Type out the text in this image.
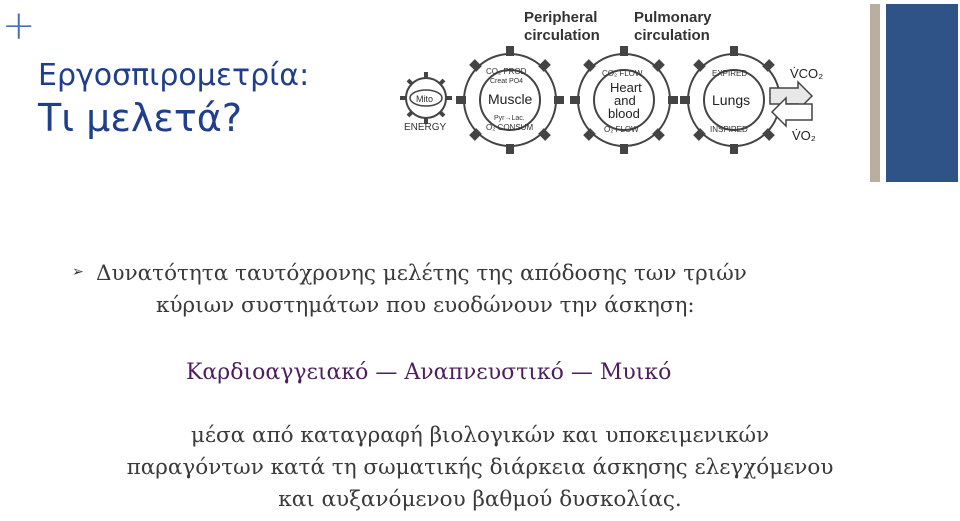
+
Εργοσπιρομετρία:
Τι μελετά?
Peripheral
circulation
Pulmonary
circulation
Mito
ENERGY
Muscle
CO₂ PROD
Creat PO4
Pyr→Lac.
O₂ CONSUM
Heart
and
blood
CO₂ FLOW
O₂ FLOW
Lungs
EXPIRED
INSPIRED
V̇CO₂
V̇O₂
➢ Δυνατότητα ταυτόχρονης μελέτης της απόδοσης των τριών
κύριων συστημάτων που ευοδώνουν την άσκηση:
Καρδιοαγγειακό — Αναπνευστικό — Μυικό
μέσα από καταγραφή βιολογικών και υποκειμενικών
παραγόντων κατά τη σωματικής διάρκεια άσκησης ελεγχόμενου
και αυξανόμενου βαθμού δυσκολίας.
